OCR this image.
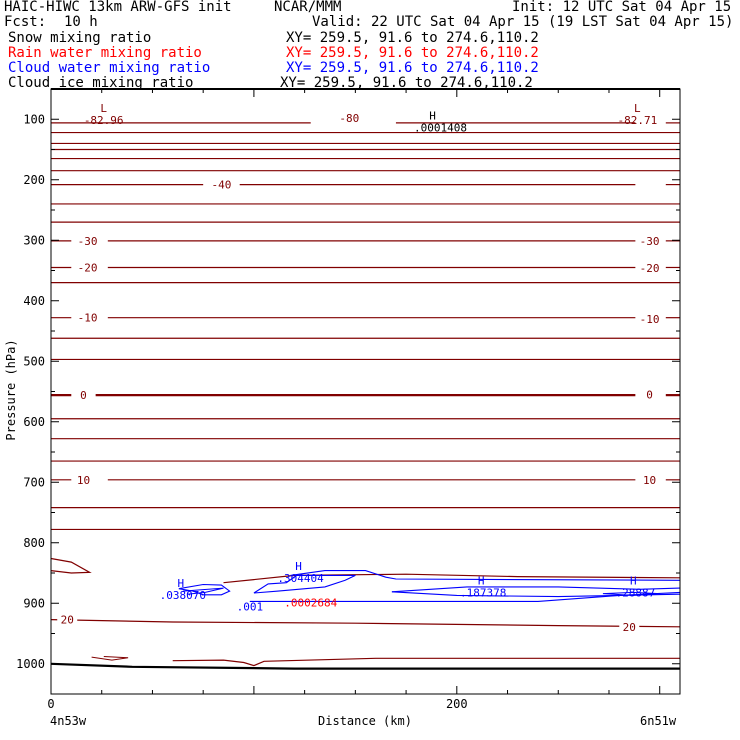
HAIC-HIWC 13km ARW-GFS init	NCAR/MMM	Init: 12 UTC Sat 04 Apr 15
Fcst: 10 h	Valid: 22 UTC Sat 04 Apr 15 (19 LST Sat 04 Apr 15)
Snow mixing ratio	XY= 259.5, 91.6 to 274.6,110.2
Rain water mixing ratio	XY= 259.5, 91.6 to 274.6,110.2
Cloud water mixing ratio	XY= 259.5, 91.6 to 274.6,110.2
Cloud ice mixing ratio	XY= 259.5, 91.6 to 274.6,110.2
100
200
300
400
500
600
700
800
900
1000
0	200
-80
-40
-30	-30
-20	-20
-10	-10
0	0
10	10
20
20
L
-82.96
L
-82.71
H
.0001408
H
.038070
H
.304404	H
.187378
H
.28887
.001 .0002684
Pressure (hPa)
Distance (km)
4n53w	6n51w
